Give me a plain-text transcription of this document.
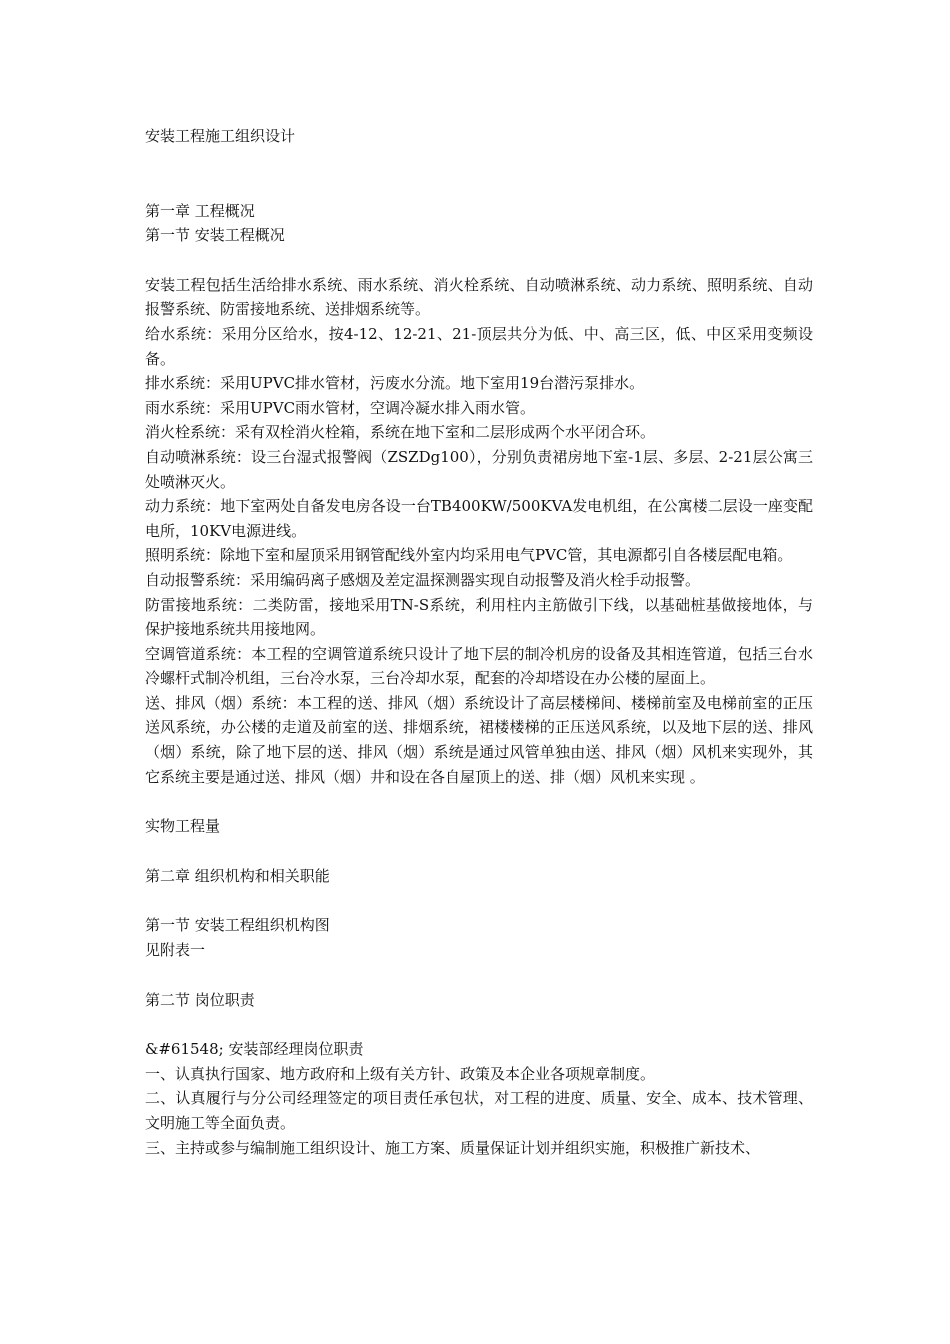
安装工程施工组织设计

第一章 工程概况

第一节 安装工程概况

安装工程包括生活给排水系统、雨水系统、消火栓系统、自动喷淋系统、动力系统、照明系统、自动报警系统、防雷接地系统、送排烟系统等。

给水系统：采用分区给水，按4-12、12-21、21-顶层共分为低、中、高三区，低、中区采用变频设备。

排水系统：采用UPVC排水管材，污废水分流。地下室用19台潜污泵排水。

雨水系统：采用UPVC雨水管材，空调冷凝水排入雨水管。

消火栓系统：采有双栓消火栓箱，系统在地下室和二层形成两个水平闭合环。

自动喷淋系统：设三台湿式报警阀（ZSZDg100），分别负责裙房地下室-1层、多层、2-21层公寓三处喷淋灭火。

动力系统：地下室两处自备发电房各设一台TB400KW/500KVA发电机组，在公寓楼二层设一座变配电所，10KV电源进线。

照明系统：除地下室和屋顶采用钢管配线外室内均采用电气PVC管，其电源都引自各楼层配电箱。

自动报警系统：采用编码离子感烟及差定温探测器实现自动报警及消火栓手动报警。

防雷接地系统：二类防雷，接地采用TN-S系统，利用柱内主筋做引下线，以基础桩基做接地体，与保护接地系统共用接地网。

空调管道系统：本工程的空调管道系统只设计了地下层的制冷机房的设备及其相连管道，包括三台水冷螺杆式制冷机组，三台冷水泵，三台冷却水泵，配套的冷却塔设在办公楼的屋面上。

送、排风（烟）系统：本工程的送、排风（烟）系统设计了高层楼梯间、楼梯前室及电梯前室的正压送风系统，办公楼的走道及前室的送、排烟系统，裙楼楼梯的正压送风系统，以及地下层的送、排风（烟）系统，除了地下层的送、排风（烟）系统是通过风管单独由送、排风（烟）风机来实现外，其它系统主要是通过送、排风（烟）井和设在各自屋顶上的送、排（烟）风机来实现 。

实物工程量

第二章 组织机构和相关职能

第一节 安装工程组织机构图

见附表一

第二节 岗位职责

&#61548; 安装部经理岗位职责

一、认真执行国家、地方政府和上级有关方针、政策及本企业各项规章制度。

二、认真履行与分公司经理签定的项目责任承包状，对工程的进度、质量、安全、成本、技术管理、文明施工等全面负责。

三、主持或参与编制施工组织设计、施工方案、质量保证计划并组织实施，积极推广新技术、
